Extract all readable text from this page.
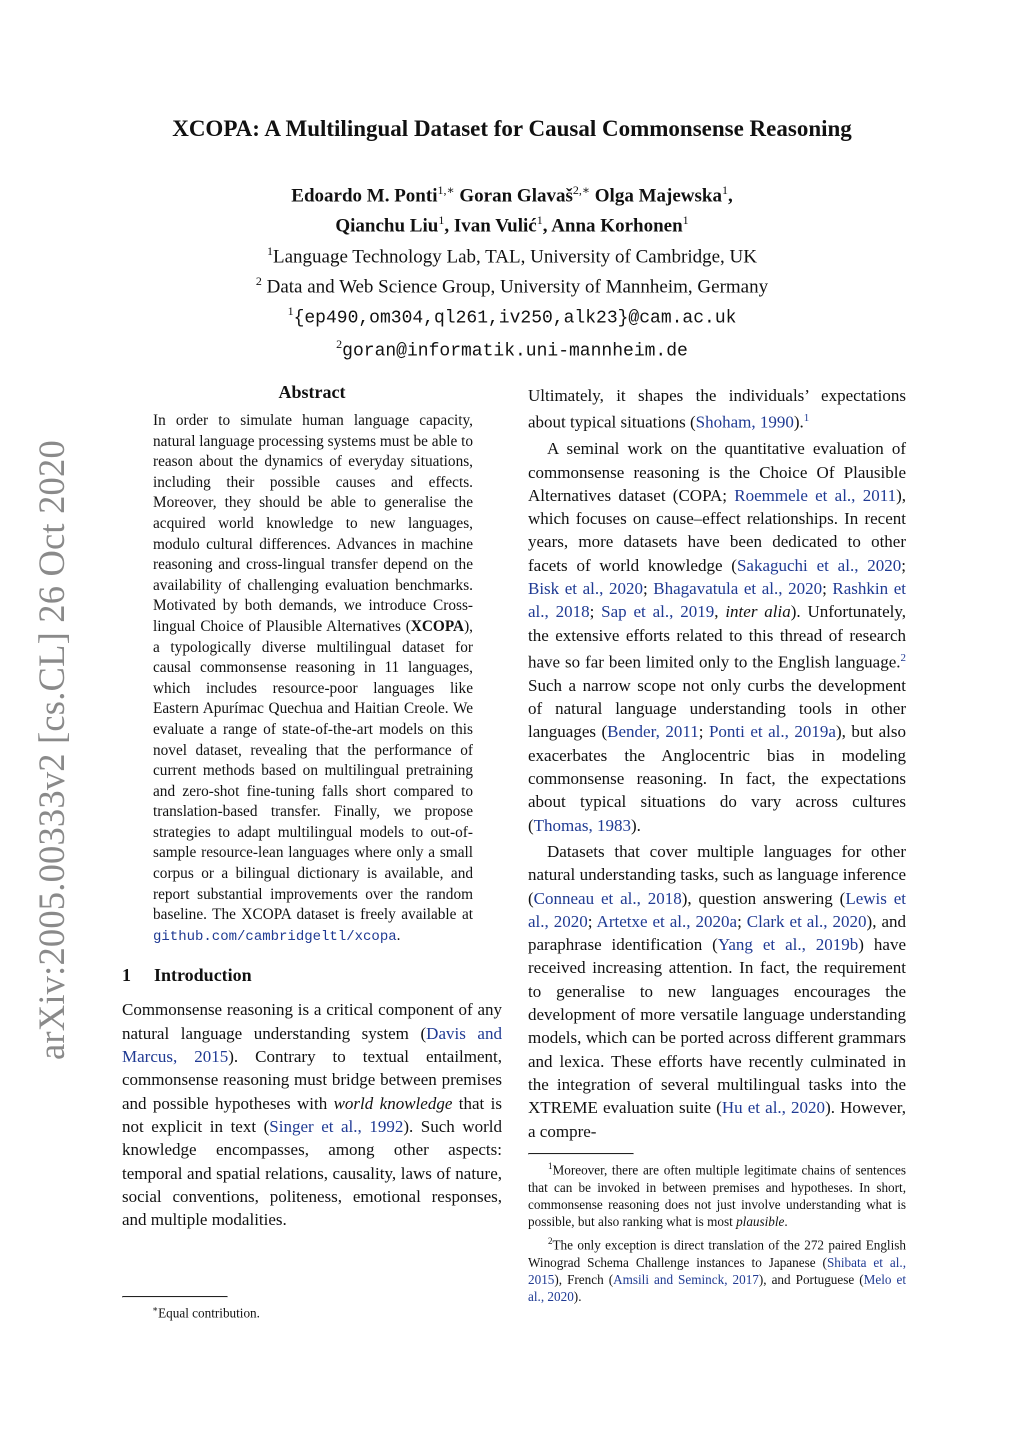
arXiv:2005.00333v2 [cs.CL] 26 Oct 2020
XCOPA: A Multilingual Dataset for Causal Commonsense Reasoning
Edoardo M. Ponti$^{1,∗}$ Goran Glavaš$^{2,∗}$ Olga Majewska$^1$,
Qianchu Liu$^1$, Ivan Vulić$^1$, Anna Korhonen$^1$
$^1$Language Technology Lab, TAL, University of Cambridge, UK
$^2$ Data and Web Science Group, University of Mannheim, Germany
$^1${ep490,om304,ql261,iv250,alk23}@cam.ac.uk
$^2$goran@informatik.uni-mannheim.de
Abstract

In order to simulate human language capacity, natural language processing systems must be able to reason about the dynamics of everyday situations, including their possible causes and effects. Moreover, they should be able to generalise the acquired world knowledge to new languages, modulo cultural differences. Advances in machine reasoning and cross-lingual transfer depend on the availability of challenging evaluation benchmarks. Motivated by both demands, we introduce Cross-lingual Choice of Plausible Alternatives (XCOPA), a typologically diverse multilingual dataset for causal commonsense reasoning in 11 languages, which includes resource-poor languages like Eastern Apurímac Quechua and Haitian Creole. We evaluate a range of state-of-the-art models on this novel dataset, revealing that the performance of current methods based on multilingual pretraining and zero-shot fine-tuning falls short compared to translation-based transfer. Finally, we propose strategies to adapt multilingual models to out-of-sample resource-lean languages where only a small corpus or a bilingual dictionary is available, and report substantial improvements over the random baseline. The XCOPA dataset is freely available at github.com/cambridgeltl/xcopa.

1 Introduction

Commonsense reasoning is a critical component of any natural language understanding system (Davis and Marcus, 2015). Contrary to textual entailment, commonsense reasoning must bridge between premises and possible hypotheses with world knowledge that is not explicit in text (Singer et al., 1992). Such world knowledge encompasses, among other aspects: temporal and spatial relations, causality, laws of nature, social conventions, politeness, emotional responses, and multiple modalities.

∗Equal contribution.

Ultimately, it shapes the individuals’ expectations about typical situations (Shoham, 1990).$^1$

A seminal work on the quantitative evaluation of commonsense reasoning is the Choice Of Plausible Alternatives dataset (COPA; Roemmele et al., 2011), which focuses on cause–effect relationships. In recent years, more datasets have been dedicated to other facets of world knowledge (Sakaguchi et al., 2020; Bisk et al., 2020; Bhagavatula et al., 2020; Rashkin et al., 2018; Sap et al., 2019, inter alia). Unfortunately, the extensive efforts related to this thread of research have so far been limited only to the English language.$^2$ Such a narrow scope not only curbs the development of natural language understanding tools in other languages (Bender, 2011; Ponti et al., 2019a), but also exacerbates the Anglocentric bias in modeling commonsense reasoning. In fact, the expectations about typical situations do vary across cultures (Thomas, 1983).

Datasets that cover multiple languages for other natural understanding tasks, such as language inference (Conneau et al., 2018), question answering (Lewis et al., 2020; Artetxe et al., 2020a; Clark et al., 2020), and paraphrase identification (Yang et al., 2019b) have received increasing attention. In fact, the requirement to generalise to new languages encourages the development of more versatile language understanding models, which can be ported across different grammars and lexica. These efforts have recently culminated in the integration of several multilingual tasks into the XTREME evaluation suite (Hu et al., 2020). However, a compre-

$^1$Moreover, there are often multiple legitimate chains of sentences that can be invoked in between premises and hypotheses. In short, commonsense reasoning does not just involve understanding what is possible, but also ranking what is most plausible.

$^2$The only exception is direct translation of the 272 paired English Winograd Schema Challenge instances to Japanese (Shibata et al., 2015), French (Amsili and Seminck, 2017), and Portuguese (Melo et al., 2020).
